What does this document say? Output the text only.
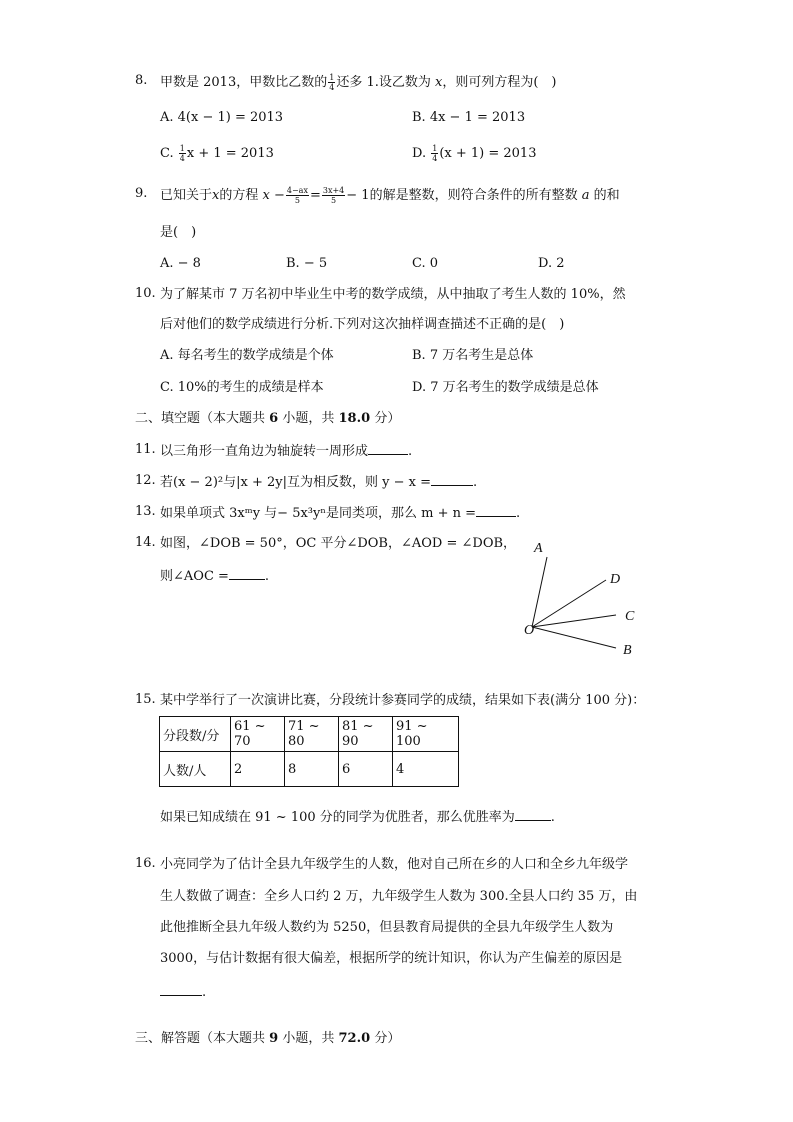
8. 甲数是 2013，甲数比乙数的 $\frac{1}{4}$ 还多 1.设乙数为 x，则可列方程为(　)
A. 4(x − 1) = 2013	B. 4x − 1 = 2013
C. $\frac{1}{4}$ x + 1 = 2013	D. $\frac{1}{4} (x + 1) = 2013$
9. 已知关于x的方程 $x - \frac{4-ax}{5} = \frac{3x+4}{5} - 1$的解是整数，则符合条件的所有整数 a 的和
是(　)
A. − 8	B. − 5	C. 0	D. 2
10. 为了解某市 7 万名初中毕业生中考的数学成绩，从中抽取了考生人数的 10%，然
后对他们的数学成绩进行分析.下列对这次抽样调查描述不正确的是(　)
A. 每名考生的数学成绩是个体	B. 7 万名考生是总体
C. 10%的考生的成绩是样本	D. 7 万名考生的数学成绩是总体
二、填空题（本大题共 6 小题，共 18.0 分）
11. 以三角形一直角边为轴旋转一周形成	.
12. 若(x − 2)²与|x + 2y|互为相反数，则 y − x =	.
13. 如果单项式 3xᵐy 与− 5x³yⁿ是同类项，那么 m + n =	.
14. 如图，∠DOB = 50°，OC 平分∠DOB，∠AOD = ∠DOB，
则∠AOC =	.
A
D
C
O
B
15. 某中学举行了一次演讲比赛，分段统计参赛同学的成绩，结果如下表(满分 100 分)：
分段数/分	61 ~ 70	71 ~ 80	81 ~ 90	91 ~ 100
人数/人	2	8	6	4
如果已知成绩在 91 ~ 100 分的同学为优胜者，那么优胜率为	.
16. 小亮同学为了估计全县九年级学生的人数，他对自己所在乡的人口和全乡九年级学
生人数做了调查：全乡人口约 2 万，九年级学生人数为 300.全县人口约 35 万，由
此他推断全县九年级人数约为 5250，但县教育局提供的全县九年级学生人数为
3000，与估计数据有很大偏差，根据所学的统计知识，你认为产生偏差的原因是
.
三、解答题（本大题共 9 小题，共 72.0 分）
